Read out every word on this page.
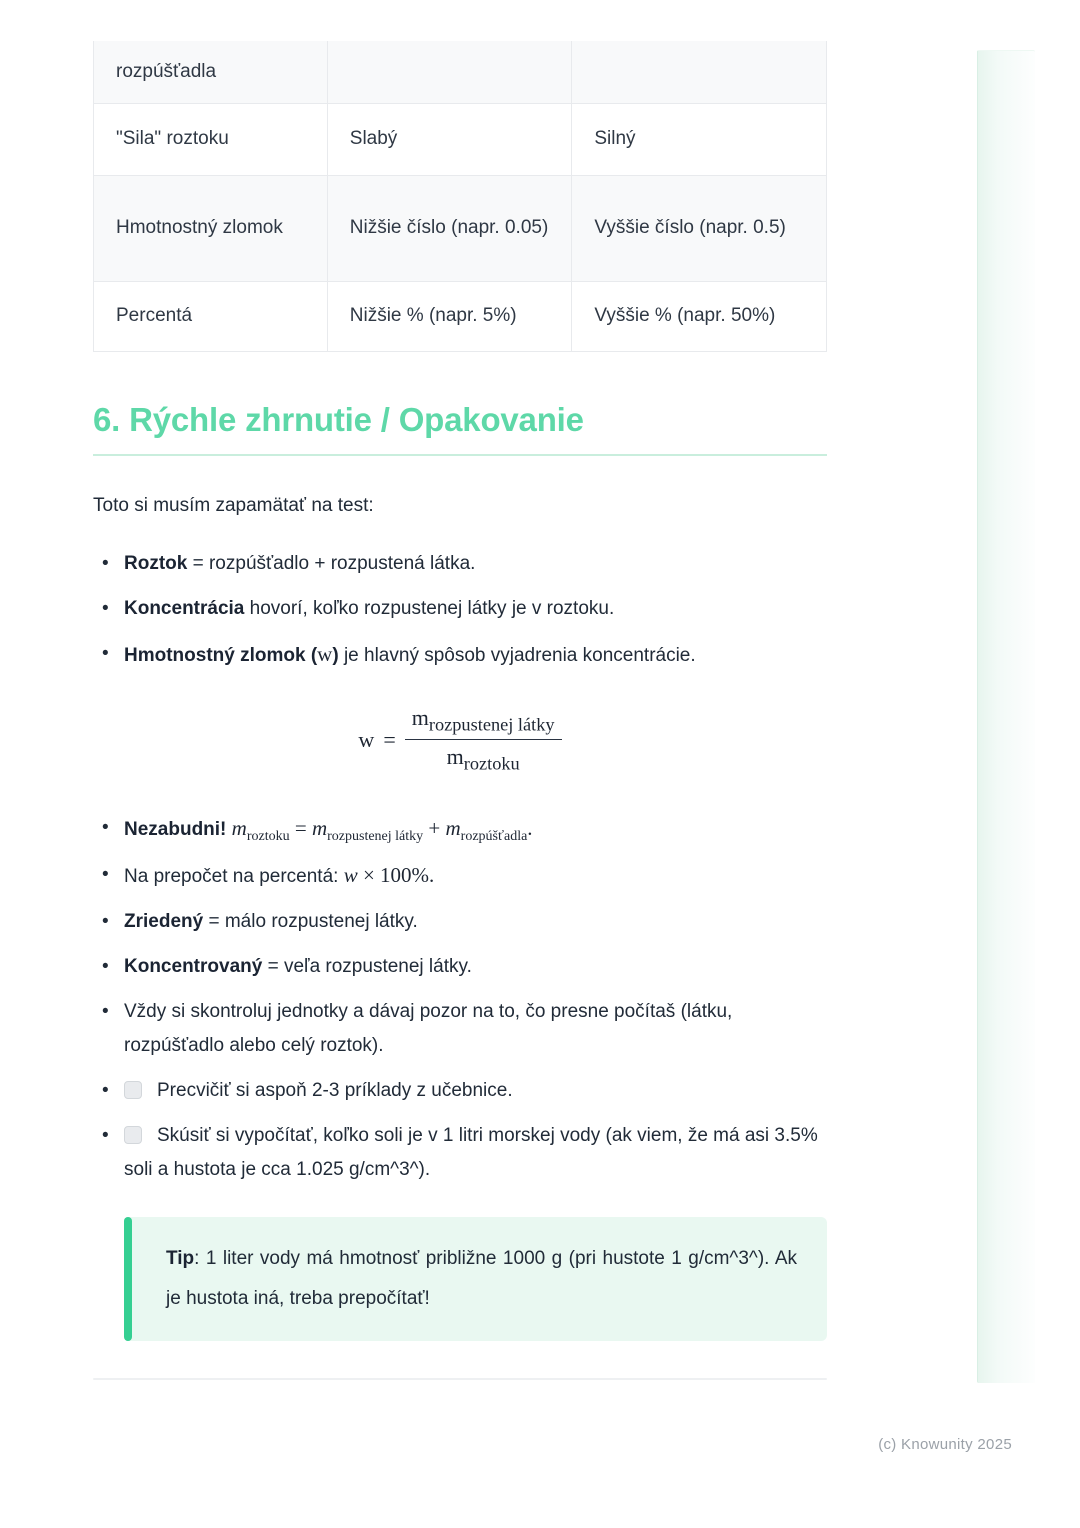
rozpúšťadla		
"Sila" roztoku	Slabý	Silný
Hmotnostný zlomok	Nižšie číslo (napr. 0.05)	Vyššie číslo (napr. 0.5)
Percentá	Nižšie % (napr. 5%)	Vyššie % (napr. 50%)
6. Rýchle zhrnutie / Opakovanie

Toto si musím zapamätať na test:

• Roztok = rozpúšťadlo + rozpustená látka.
• Koncentrácia hovorí, koľko rozpustenej látky je v roztoku.
• Hmotnostný zlomok (w) je hlavný spôsob vyjadrenia koncentrácie.
$w = \frac{m_{rozpustenej látky}}{m_{roztoku}}$
• Nezabudni! $m_{roztoku} = m_{rozpustenej látky} + m_{rozpúšťadla}$.
• Na prepočet na percentá: w × 100%.
• Zriedený = málo rozpustenej látky.
• Koncentrovaný = veľa rozpustenej látky.
• Vždy si skontroluj jednotky a dávaj pozor na to, čo presne počítaš (látku, rozpúšťadlo alebo celý roztok).
• Precvičiť si aspoň 2-3 príklady z učebnice.
• Skúsiť si vypočítať, koľko soli je v 1 litri morskej vody (ak viem, že má asi 3.5% soli a hustota je cca 1.025 g/cm^3^).
Tip: 1 liter vody má hmotnosť približne 1000 g (pri hustote 1 g/cm^3^). Ak je hustota iná, treba prepočítať!
(c) Knowunity 2025
